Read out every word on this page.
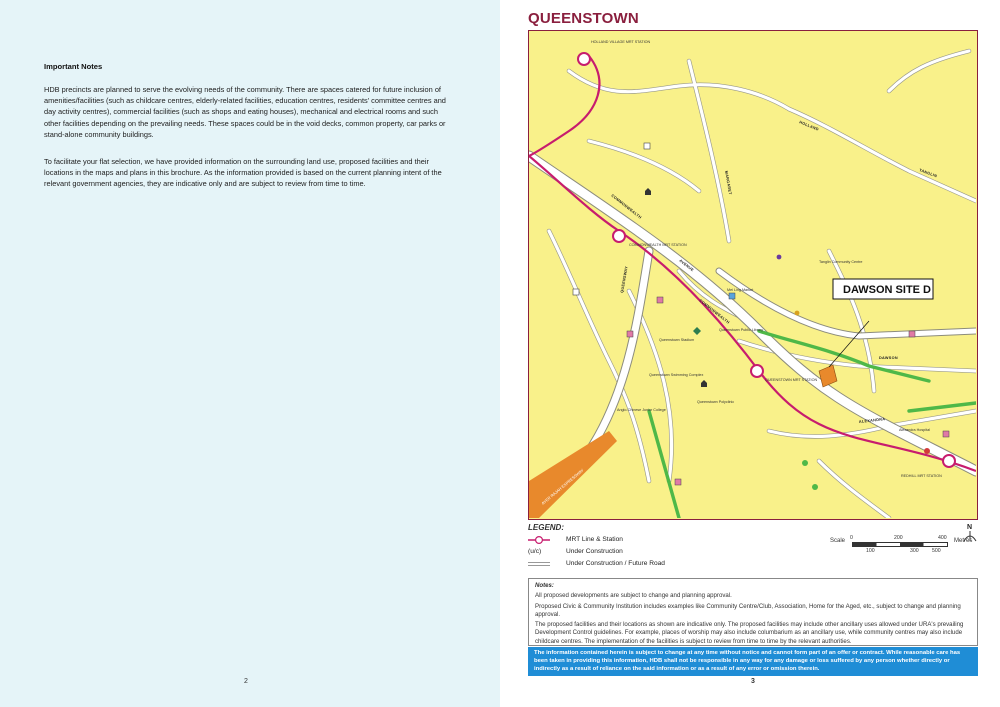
Important Notes
HDB precincts are planned to serve the evolving needs of the community. There are spaces catered for future inclusion of amenities/facilities (such as childcare centres, elderly-related facilities, education centres, residents' committee centres and day activity centres), commercial facilities (such as shops and eating houses), mechanical and electrical rooms and such other facilities depending on the prevailing needs. These spaces could be in the void decks, common property, car parks or stand-alone community buildings.
To facilitate your flat selection, we have provided information on the surrounding land use, proposed facilities and their locations in the maps and plans in this brochure. As the information provided is based on the current planning intent of the relevant government agencies, they are indicative only and are subject to review from time to time.
2
QUEENSTOWN
AYER RAJAH EXPRESSWAY
COMMONWEALTH
AVENUE
COMMONWEALTH
HOLLAND
QUEENSWAY
ALEXANDRA
DAWSON
MARGARET	TANGLIN
HOLLAND VILLAGE MRT STATION
COMMONWEALTH MRT STATION
QUEENSTOWN MRT STATION
REDHILL MRT STATION
Tanglin Community Centre
Queenstown Public Library
Mei Ling Market
Anglo-Chinese Junior College
Queenstown Polyclinic
Queenstown Stadium
Alexandra Hospital
Queenstown Swimming Complex
DAWSON SITE D
LEGEND:
MRT Line & Station
(u/c)	Under Construction
Under Construction / Future Road
Scale 0	200	400
100	300	500
Metres
N

Notes:

All proposed developments are subject to change and planning approval.

Proposed Civic & Community Institution includes examples like Community Centre/Club, Association, Home for the Aged, etc., subject to change and planning approval.

The proposed facilities and their locations as shown are indicative only. The proposed facilities may include other ancillary uses allowed under URA's prevailing Development Control guidelines. For example, places of worship may also include columbarium as an ancillary use, while community centres may also include childcare centres. The implementation of the facilities is subject to review from time to time by the relevant authorities.

The information contained herein is subject to change at any time without notice and cannot form part of an offer or contract. While reasonable care has been taken in providing this information, HDB shall not be responsible in any way for any damage or loss suffered by any person whether directly or indirectly as a result of reliance on the said information or as a result of any error or omission therein.
3
